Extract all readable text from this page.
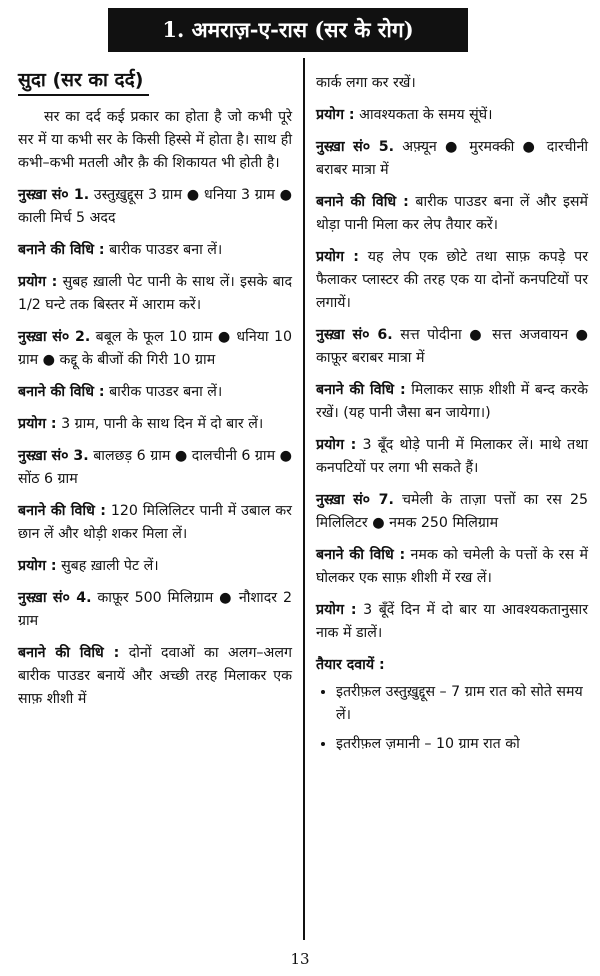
1. अमराज़-ए-रास (सर के रोग)
सुदा (सर का दर्द)

सर का दर्द कई प्रकार का होता है जो कभी पूरे सर में या कभी सर के किसी हिस्से में होता है। साथ ही कभी–कभी मतली और क़ै की शिकायत भी होती है।

नुस्ख़ा सं० 1. उस्तुख़ुद्दूस 3 ग्राम ● धनिया 3 ग्राम ● काली मिर्च 5 अदद

बनाने की विधि : बारीक पाउडर बना लें।

प्रयोग : सुबह ख़ाली पेट पानी के साथ लें। इसके बाद 1/2 घन्टे तक बिस्तर में आराम करें।

नुस्ख़ा सं० 2. बबूल के फूल 10 ग्राम ● धनिया 10 ग्राम ● कद्दू के बीजों की गिरी 10 ग्राम

बनाने की विधि : बारीक पाउडर बना लें।

प्रयोग : 3 ग्राम, पानी के साथ दिन में दो बार लें।

नुस्ख़ा सं० 3. बालछड़ 6 ग्राम ● दालचीनी 6 ग्राम ● सोंठ 6 ग्राम

बनाने की विधि : 120 मिलिलिटर पानी में उबाल कर छान लें और थोड़ी शकर मिला लें।

प्रयोग : सुबह ख़ाली पेट लें।

नुस्ख़ा सं० 4. काफ़ूर 500 मिलिग्राम ● नौशादर 2 ग्राम

बनाने की विधि : दोनों दवाओं का अलग–अलग बारीक पाउडर बनायें और अच्छी तरह मिलाकर एक साफ़ शीशी में

कार्क लगा कर रखें।

प्रयोग : आवश्यकता के समय सूंघें।

नुस्ख़ा सं० 5. अफ़्यून ● मुरमक्की ● दारचीनी बराबर मात्रा में

बनाने की विधि : बारीक पाउडर बना लें और इसमें थोड़ा पानी मिला कर लेप तैयार करें।

प्रयोग : यह लेप एक छोटे तथा साफ़ कपड़े पर फैलाकर प्लास्टर की तरह एक या दोनों कनपटियों पर लगायें।

नुस्ख़ा सं० 6. सत्त पोदीना ● सत्त अजवायन ● काफ़ूर बराबर मात्रा में

बनाने की विधि : मिलाकर साफ़ शीशी में बन्द करके रखें। (यह पानी जैसा बन जायेगा।)

प्रयोग : 3 बूँद थोड़े पानी में मिलाकर लें। माथे तथा कनपटियों पर लगा भी सकते हैं।

नुस्ख़ा सं० 7. चमेली के ताज़ा पत्तों का रस 25 मिलिलिटर ● नमक 250 मिलिग्राम

बनाने की विधि : नमक को चमेली के पत्तों के रस में घोलकर एक साफ़ शीशी में रख लें।

प्रयोग : 3 बूँदें दिन में दो बार या आवश्यकतानुसार नाक में डालें।

तैयार दवायें :

• इतरीफ़ल उस्तुख़ुद्दूस – 7 ग्राम रात को सोते समय लें।
• इतरीफ़ल ज़मानी – 10 ग्राम रात को
13
